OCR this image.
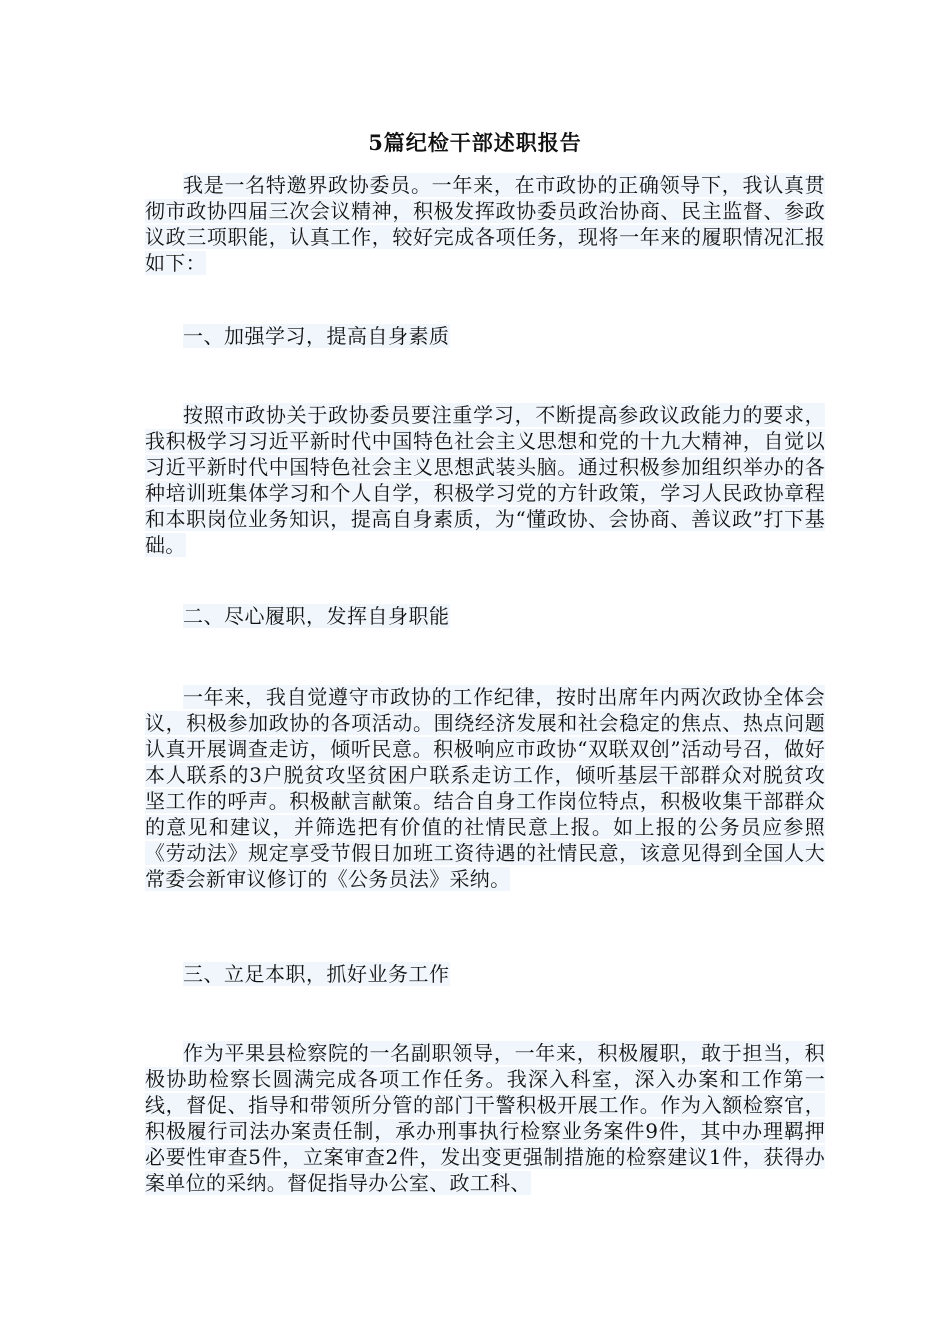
5篇纪检干部述职报告
我是一名特邀界政协委员。一年来，在市政协的正确领导下，我认真贯彻市政协四届三次会议精神，积极发挥政协委员政治协商、民主监督、参政议政三项职能，认真工作，较好完成各项任务，现将一年来的履职情况汇报如下：
一、加强学习，提高自身素质
按照市政协关于政协委员要注重学习，不断提高参政议政能力的要求，我积极学习习近平新时代中国特色社会主义思想和党的十九大精神，自觉以习近平新时代中国特色社会主义思想武装头脑。通过积极参加组织举办的各种培训班集体学习和个人自学，积极学习党的方针政策，学习人民政协章程和本职岗位业务知识，提高自身素质，为“懂政协、会协商、善议政”打下基础。
二、尽心履职，发挥自身职能
一年来，我自觉遵守市政协的工作纪律，按时出席年内两次政协全体会议，积极参加政协的各项活动。围绕经济发展和社会稳定的焦点、热点问题认真开展调查走访，倾听民意。积极响应市政协“双联双创”活动号召，做好本人联系的3户脱贫攻坚贫困户联系走访工作，倾听基层干部群众对脱贫攻坚工作的呼声。积极献言献策。结合自身工作岗位特点，积极收集干部群众的意见和建议，并筛选把有价值的社情民意上报。如上报的公务员应参照《劳动法》规定享受节假日加班工资待遇的社情民意，该意见得到全国人大常委会新审议修订的《公务员法》采纳。
三、立足本职，抓好业务工作
作为平果县检察院的一名副职领导，一年来，积极履职，敢于担当，积极协助检察长圆满完成各项工作任务。我深入科室，深入办案和工作第一线，督促、指导和带领所分管的部门干警积极开展工作。作为入额检察官，积极履行司法办案责任制，承办刑事执行检察业务案件9件，其中办理羁押必要性审查5件，立案审查2件，发出变更强制措施的检察建议1件，获得办案单位的采纳。督促指导办公室、政工科、
